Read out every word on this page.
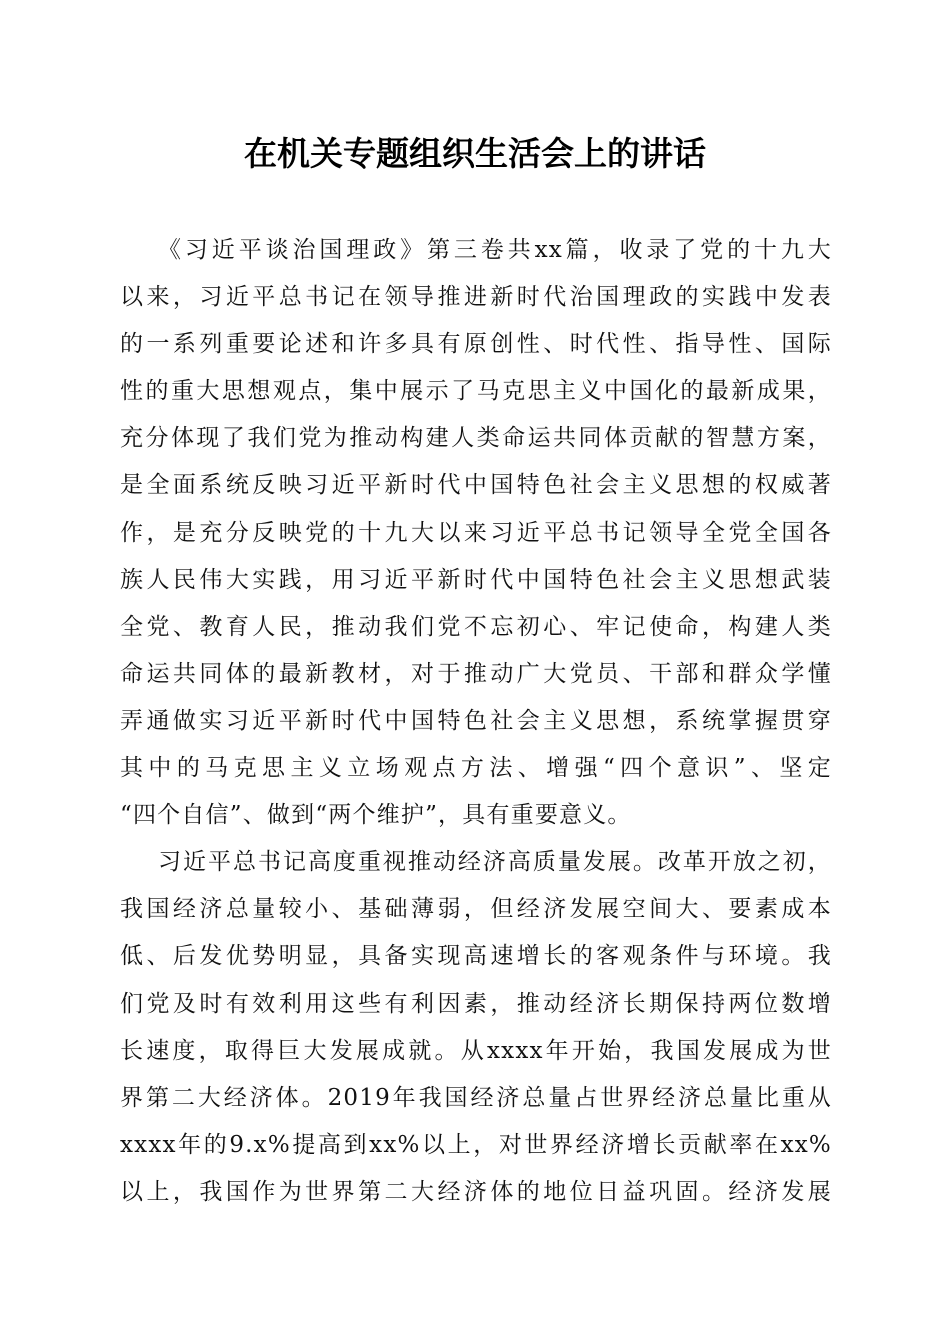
在机关专题组织生活会上的讲话
《习近平谈治国理政》第三卷共xx篇，收录了党的十九大
以来，习近平总书记在领导推进新时代治国理政的实践中发表
的一系列重要论述和许多具有原创性、时代性、指导性、国际
性的重大思想观点，集中展示了马克思主义中国化的最新成果，
充分体现了我们党为推动构建人类命运共同体贡献的智慧方案，
是全面系统反映习近平新时代中国特色社会主义思想的权威著
作，是充分反映党的十九大以来习近平总书记领导全党全国各
族人民伟大实践，用习近平新时代中国特色社会主义思想武装
全党、教育人民，推动我们党不忘初心、牢记使命，构建人类
命运共同体的最新教材，对于推动广大党员、干部和群众学懂
弄通做实习近平新时代中国特色社会主义思想，系统掌握贯穿
其中的马克思主义立场观点方法、增强“四个意识”、坚定
“四个自信”、做到“两个维护”，具有重要意义。
习近平总书记高度重视推动经济高质量发展。改革开放之初，
我国经济总量较小、基础薄弱，但经济发展空间大、要素成本
低、后发优势明显，具备实现高速增长的客观条件与环境。我
们党及时有效利用这些有利因素，推动经济长期保持两位数增
长速度，取得巨大发展成就。从xxxx年开始，我国发展成为世
界第二大经济体。2019年我国经济总量占世界经济总量比重从
xxxx年的9.x%提高到xx%以上，对世界经济增长贡献率在xx%
以上，我国作为世界第二大经济体的地位日益巩固。经济发展
